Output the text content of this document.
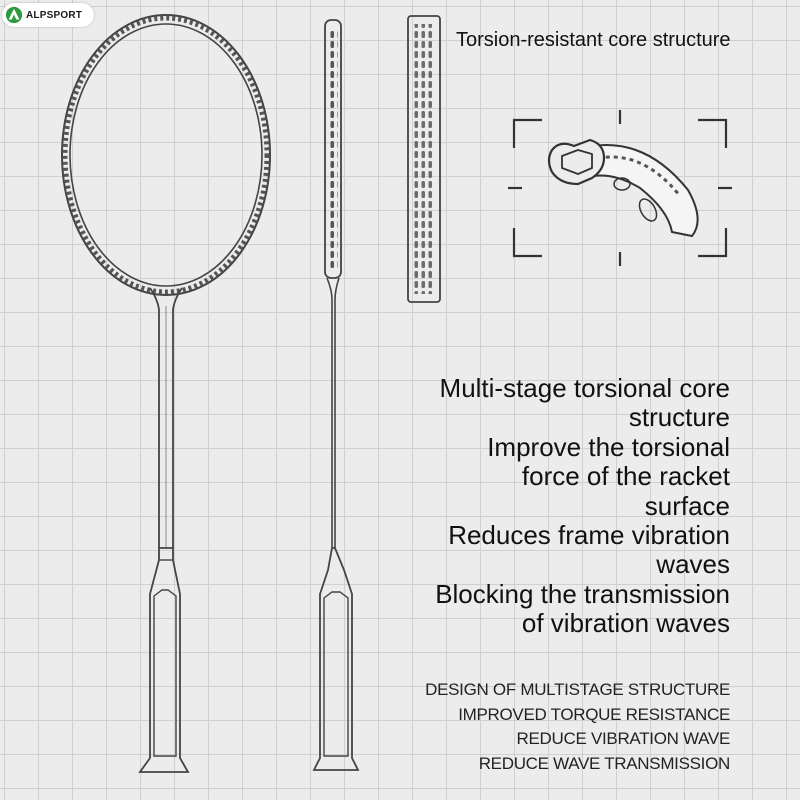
ALPSPORT
Torsion-resistant core structure
Multi-stage torsional core
structure
Improve the torsional
force of the racket
surface
Reduces frame vibration
waves
Blocking the transmission
of vibration waves
DESIGN OF MULTISTAGE STRUCTURE
IMPROVED TORQUE RESISTANCE
REDUCE VIBRATION WAVE
REDUCE WAVE TRANSMISSION
